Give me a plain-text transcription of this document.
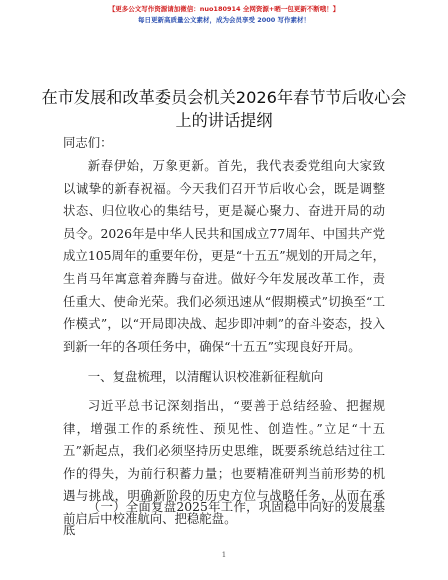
【更多公文写作资源请加微信：nuo180914 全网资源+晒一包更新不断哦！】
每日更新高质量公文素材，成为会员享受 2000 写作素材！
在市发展和改革委员会机关2026年春节节后收心会上的讲话提纲

同志们：

新春伊始，万象更新。首先，我代表委党组向大家致以诚挚的新春祝福。今天我们召开节后收心会，既是调整状态、归位收心的集结号，更是凝心聚力、奋进开局的动员令。2026年是中华人民共和国成立77周年、中国共产党成立105周年的重要年份，更是“十五五”规划的开局之年，生肖马年寓意着奔腾与奋进。做好今年发展改革工作，责任重大、使命光荣。我们必须迅速从“假期模式”切换至“工作模式”，以“开局即决战、起步即冲刺”的奋斗姿态，投入到新一年的各项任务中，确保“十五五”实现良好开局。

一、复盘梳理，以清醒认识校准新征程航向

习近平总书记深刻指出，“要善于总结经验、把握规律，增强工作的系统性、预见性、创造性。”立足“十五五”新起点，我们必须坚持历史思维，既要系统总结过往工作的得失，为前行积蓄力量；也要精准研判当前形势的机遇与挑战，明确新阶段的历史方位与战略任务，从而在承前启后中校准航向、把稳舵盘。

（一）全面复盘2025年工作，巩固稳中向好的发展基底

1
